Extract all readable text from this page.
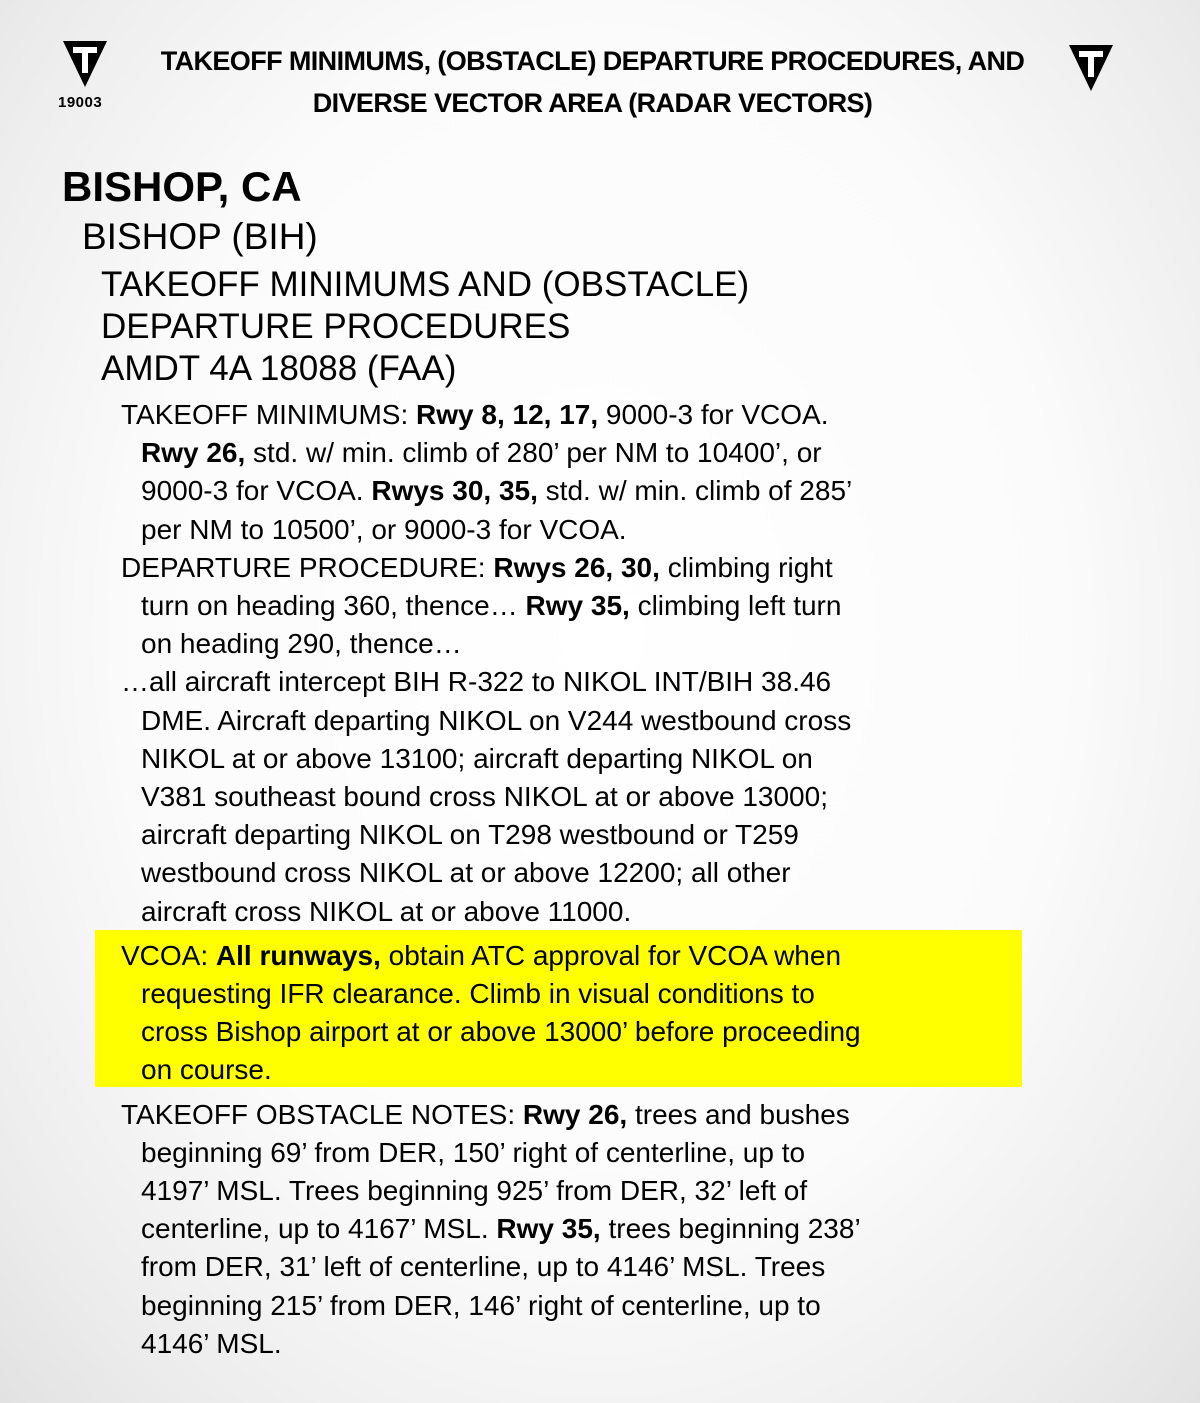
19003
TAKEOFF MINIMUMS, (OBSTACLE) DEPARTURE PROCEDURES, AND
DIVERSE VECTOR AREA (RADAR VECTORS)
BISHOP, CA
BISHOP (BIH)
TAKEOFF MINIMUMS AND (OBSTACLE)
DEPARTURE PROCEDURES
AMDT 4A 18088 (FAA)
TAKEOFF MINIMUMS: Rwy 8, 12, 17, 9000-3 for VCOA.
Rwy 26, std. w/ min. climb of 280’ per NM to 10400’, or
9000-3 for VCOA. Rwys 30, 35, std. w/ min. climb of 285’
per NM to 10500’, or 9000-3 for VCOA.
DEPARTURE PROCEDURE: Rwys 26, 30, climbing right
turn on heading 360, thence… Rwy 35, climbing left turn
on heading 290, thence…
…all aircraft intercept BIH R-322 to NIKOL INT/BIH 38.46
DME. Aircraft departing NIKOL on V244 westbound cross
NIKOL at or above 13100; aircraft departing NIKOL on
V381 southeast bound cross NIKOL at or above 13000;
aircraft departing NIKOL on T298 westbound or T259
westbound cross NIKOL at or above 12200; all other
aircraft cross NIKOL at or above 11000.
VCOA: All runways, obtain ATC approval for VCOA when
requesting IFR clearance. Climb in visual conditions to
cross Bishop airport at or above 13000’ before proceeding
on course.
TAKEOFF OBSTACLE NOTES: Rwy 26, trees and bushes
beginning 69’ from DER, 150’ right of centerline, up to
4197’ MSL. Trees beginning 925’ from DER, 32’ left of
centerline, up to 4167’ MSL. Rwy 35, trees beginning 238’
from DER, 31’ left of centerline, up to 4146’ MSL. Trees
beginning 215’ from DER, 146’ right of centerline, up to
4146’ MSL.
